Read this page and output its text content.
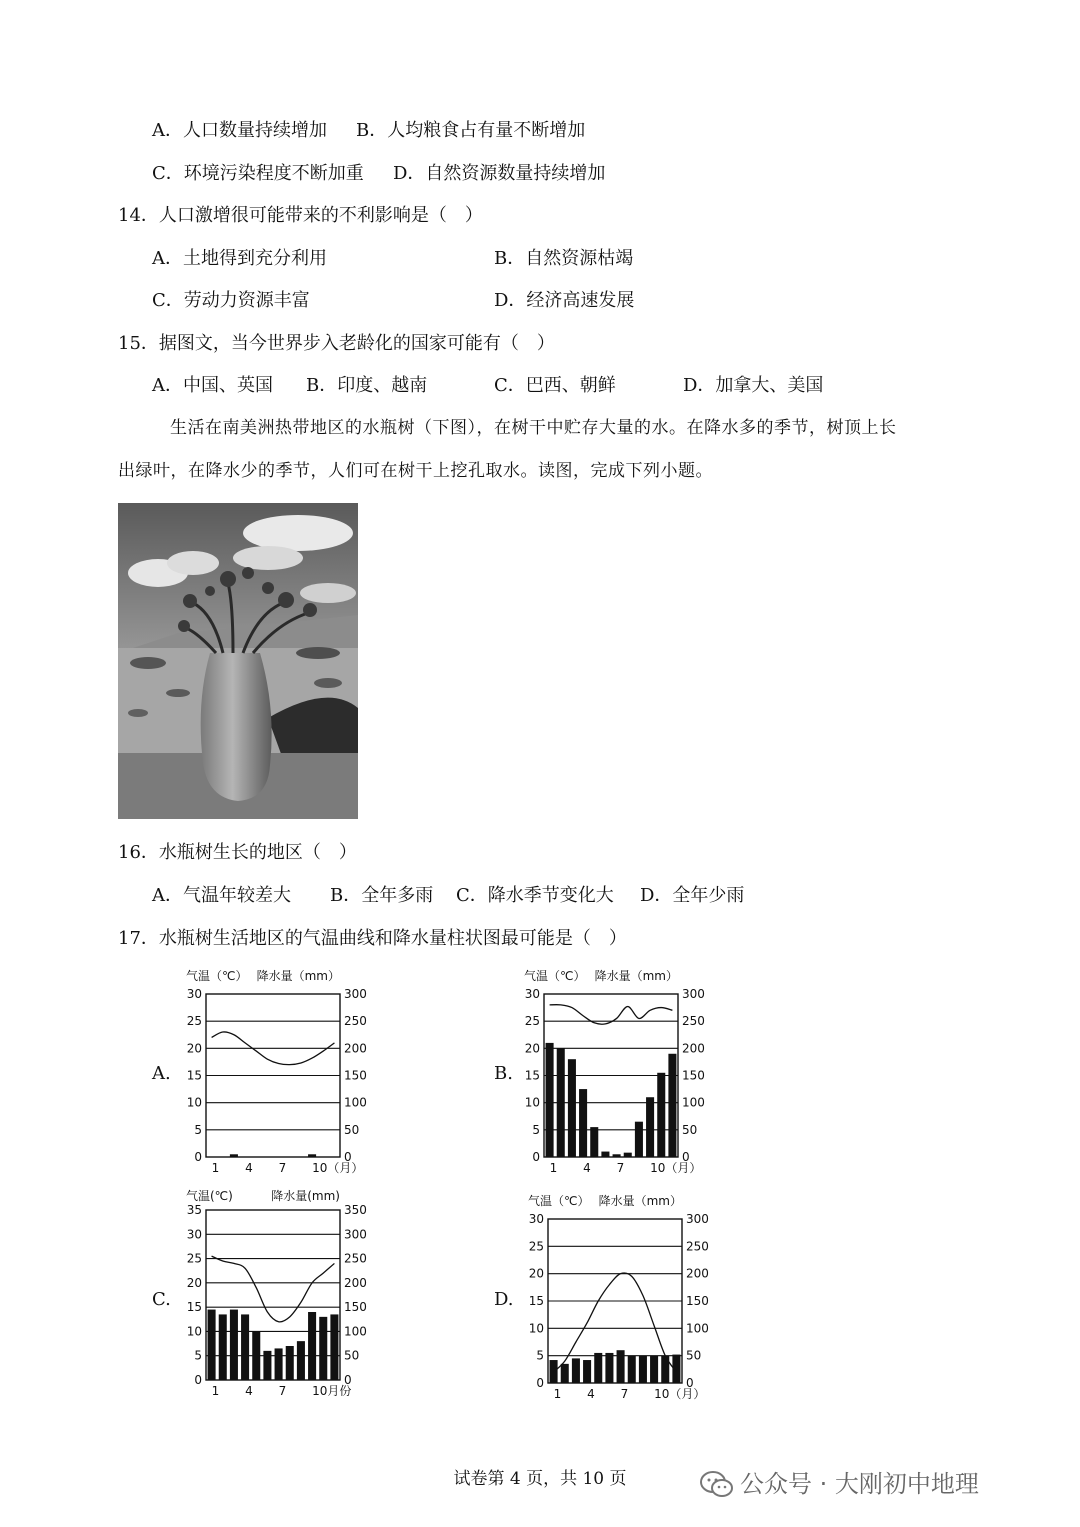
A．人口数量持续增加 B．人均粮食占有量不断增加
C．环境污染程度不断加重 D．自然资源数量持续增加
14．人口激增很可能带来的不利影响是（　）
A．土地得到充分利用	B．自然资源枯竭
C．劳动力资源丰富	D．经济高速发展
15．据图文，当今世界步入老龄化的国家可能有（　）
A．中国、英国 B．印度、越南	C．巴西、朝鲜	D．加拿大、美国
生活在南美洲热带地区的水瓶树（下图），在树干中贮存大量的水。在降水多的季节，树顶上长
出绿叶，在降水少的季节，人们可在树干上挖孔取水。读图，完成下列小题。
16．水瓶树生长的地区（　）
A．气温年较差大 B．全年多雨 C．降水季节变化大 D．全年少雨
17．水瓶树生活地区的气温曲线和降水量柱状图最可能是（　）
A.	B.
C.	D.
气温（℃） 降水量（mm）
0	0
5	50
10	100
15	150
20	200
25	250
30	300
1 4 7 10（月）
气温（℃） 降水量（mm）
0	0
5	50
10	100
15	150
20	200
25	250
30	300
1 4 7 10（月）
气温(℃)	降水量(mm)
0	0
5	50
10	100
15	150
20	200
25	250
30	300
35	350
1 4 7 10月份
气温（℃） 降水量（mm）
0	0
5	50
10	100
15	150
20	200
25	250
30	300
1 4 7 10（月）
试卷第 4 页，共 10 页	公众号 · 大刚初中地理
